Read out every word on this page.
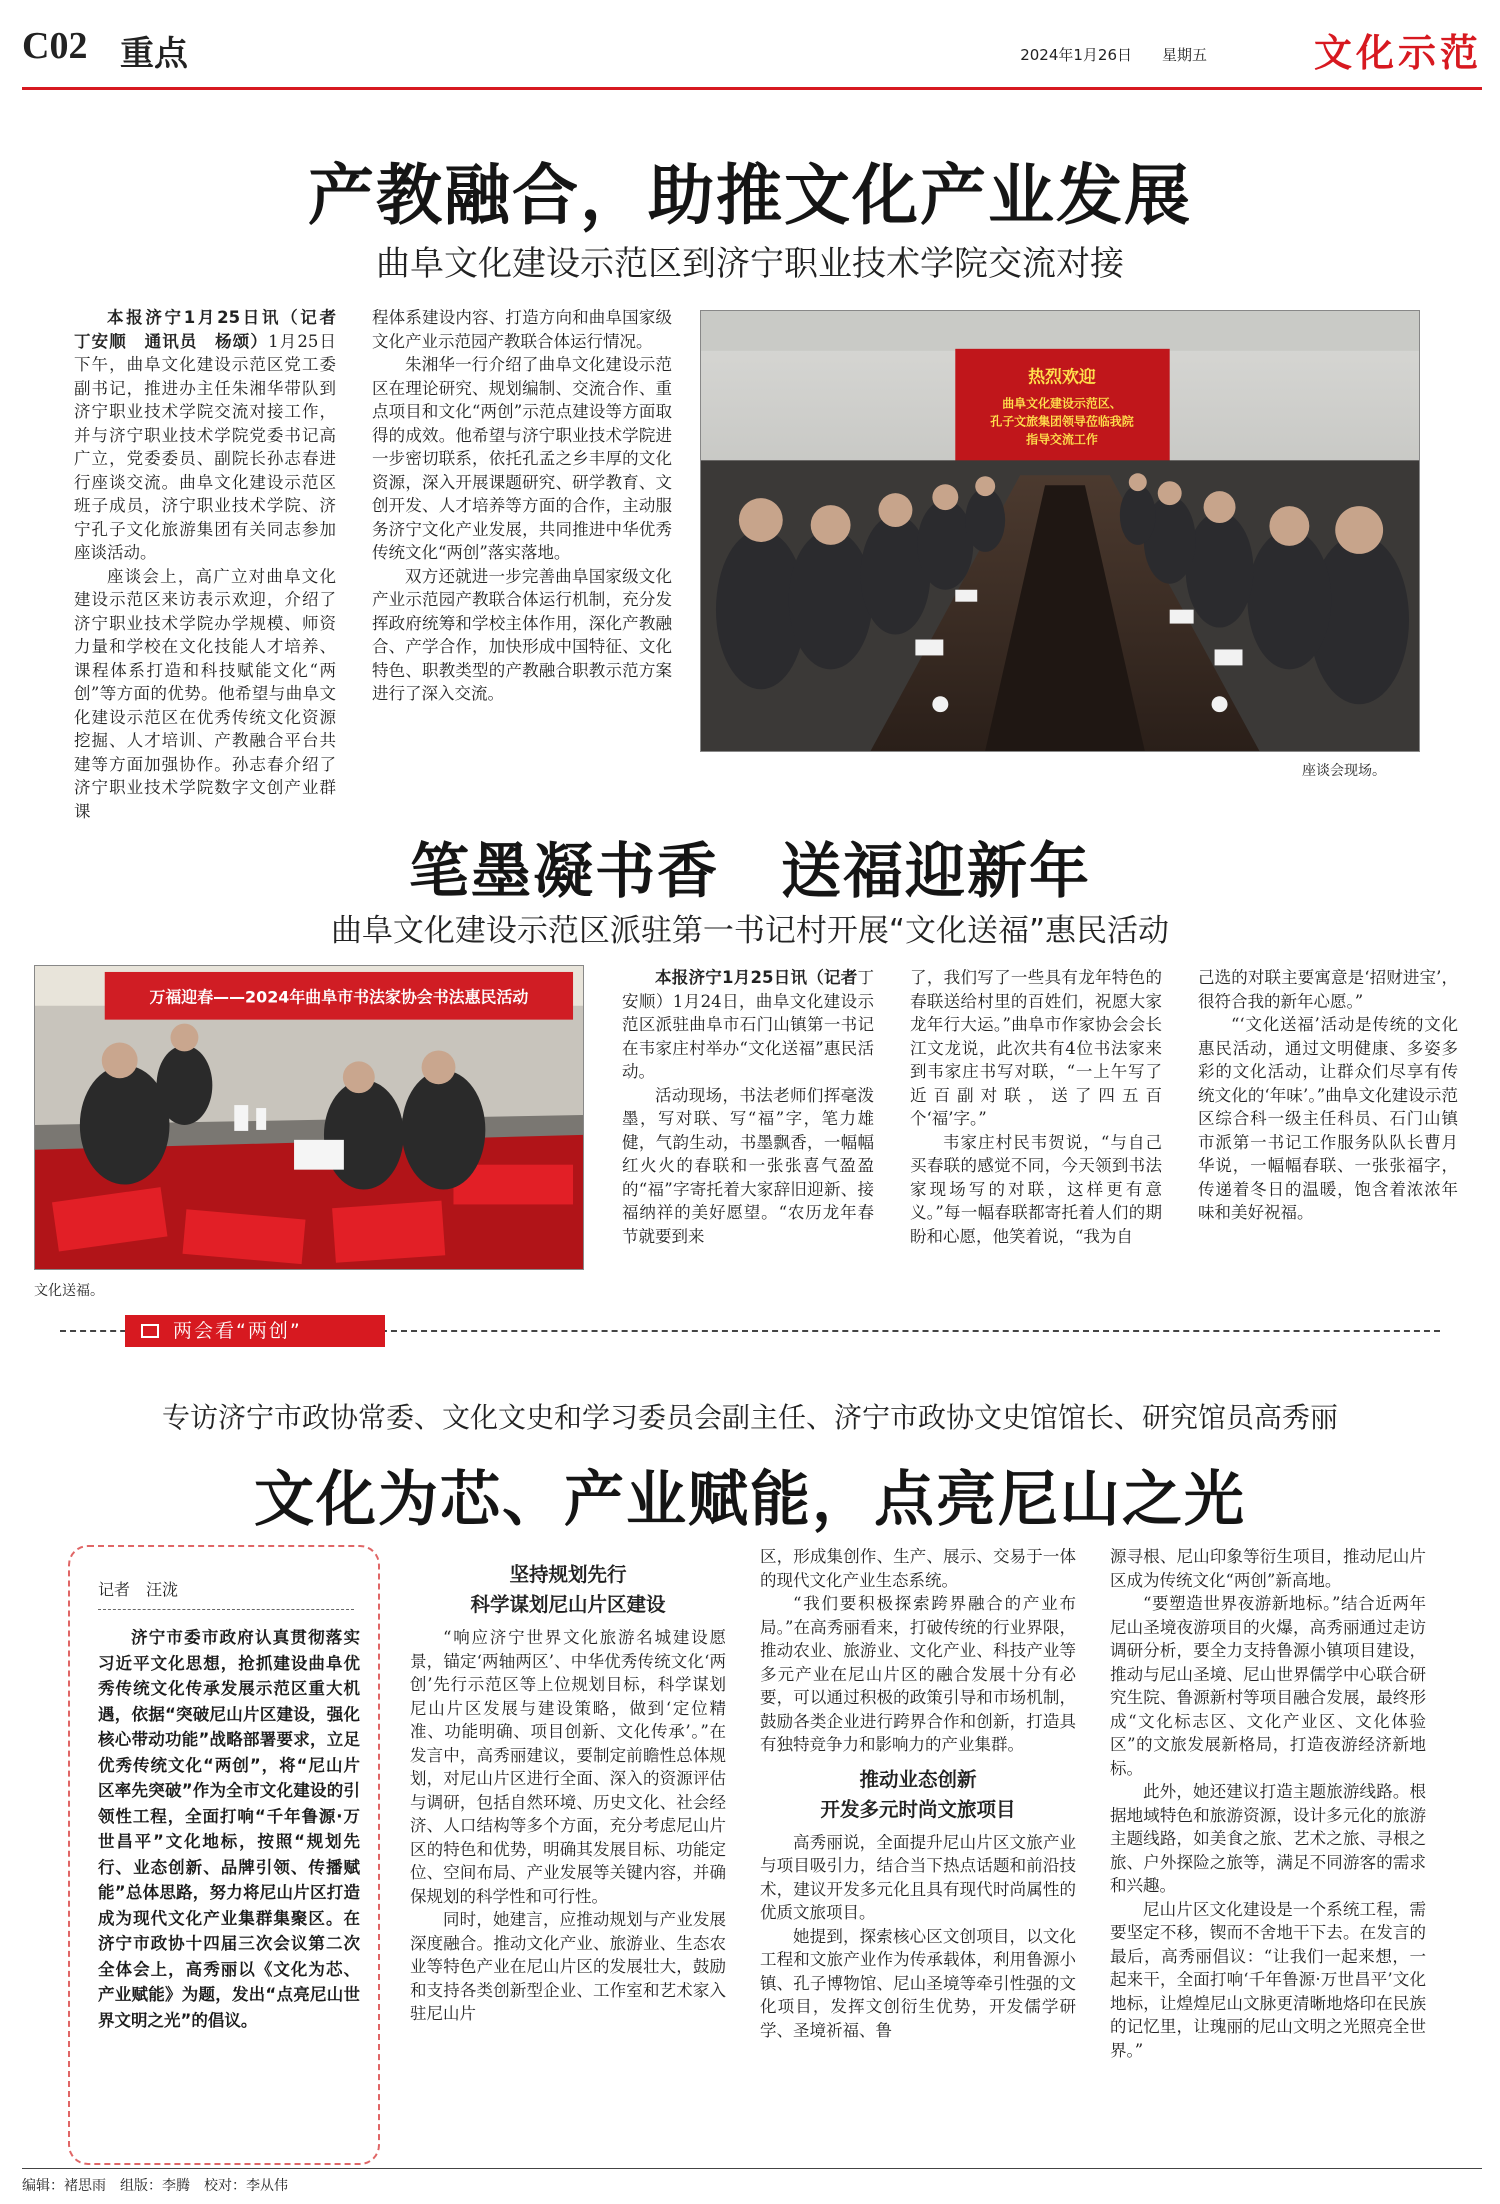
C02 重点	2024年1月26日 星期五	文化示范
产教融合，助推文化产业发展
曲阜文化建设示范区到济宁职业技术学院交流对接

本报济宁1月25日讯（记者　丁安顺　通讯员　杨颂）1月25日下午，曲阜文化建设示范区党工委副书记，推进办主任朱湘华带队到济宁职业技术学院交流对接工作，并与济宁职业技术学院党委书记高广立，党委委员、副院长孙志春进行座谈交流。曲阜文化建设示范区班子成员，济宁职业技术学院、济宁孔子文化旅游集团有关同志参加座谈活动。

座谈会上，高广立对曲阜文化建设示范区来访表示欢迎，介绍了济宁职业技术学院办学规模、师资力量和学校在文化技能人才培养、课程体系打造和科技赋能文化“两创”等方面的优势。他希望与曲阜文化建设示范区在优秀传统文化资源挖掘、人才培训、产教融合平台共建等方面加强协作。孙志春介绍了济宁职业技术学院数字文创产业群课

程体系建设内容、打造方向和曲阜国家级文化产业示范园产教联合体运行情况。

朱湘华一行介绍了曲阜文化建设示范区在理论研究、规划编制、交流合作、重点项目和文化“两创”示范点建设等方面取得的成效。他希望与济宁职业技术学院进一步密切联系，依托孔孟之乡丰厚的文化资源，深入开展课题研究、研学教育、文创开发、人才培养等方面的合作，主动服务济宁文化产业发展，共同推进中华优秀传统文化“两创”落实落地。

双方还就进一步完善曲阜国家级文化产业示范园产教联合体运行机制，充分发挥政府统筹和学校主体作用，深化产教融合、产学合作，加快形成中国特征、文化特色、职教类型的产教融合职教示范方案进行了深入交流。

热烈欢迎
曲阜文化建设示范区、
孔子文旅集团领导莅临我院
指导交流工作
座谈会现场。
笔墨凝书香　送福迎新年
曲阜文化建设示范区派驻第一书记村开展“文化送福”惠民活动
万福迎春——2024年曲阜市书法家协会书法惠民活动
文化送福。

本报济宁1月25日讯（记者丁安顺）1月24日，曲阜文化建设示范区派驻曲阜市石门山镇第一书记在韦家庄村举办“文化送福”惠民活动。

活动现场，书法老师们挥毫泼墨，写对联、写“福”字，笔力雄健，气韵生动，书墨飘香，一幅幅红火火的春联和一张张喜气盈盈的“福”字寄托着大家辞旧迎新、接福纳祥的美好愿望。“农历龙年春节就要到来

了，我们写了一些具有龙年特色的春联送给村里的百姓们，祝愿大家龙年行大运。”曲阜市作家协会会长江文龙说，此次共有4位书法家来到韦家庄书写对联，“一上午写了近百副对联，送了四五百个‘福’字。”

韦家庄村民韦贺说，“与自己买春联的感觉不同，今天领到书法家现场写的对联，这样更有意义。”每一幅春联都寄托着人们的期盼和心愿，他笑着说，“我为自

己选的对联主要寓意是‘招财进宝’，很符合我的新年心愿。”

“‘文化送福’活动是传统的文化惠民活动，通过文明健康、多姿多彩的文化活动，让群众们尽享有传统文化的‘年味’。”曲阜文化建设示范区综合科一级主任科员、石门山镇市派第一书记工作服务队队长曹月华说，一幅幅春联、一张张福字，传递着冬日的温暖，饱含着浓浓年味和美好祝福。

两会看“两创”
专访济宁市政协常委、文化文史和学习委员会副主任、济宁市政协文史馆馆长、研究馆员高秀丽
文化为芯、产业赋能，点亮尼山之光
记者　汪泷
济宁市委市政府认真贯彻落实习近平文化思想，抢抓建设曲阜优秀传统文化传承发展示范区重大机遇，依据“突破尼山片区建设，强化核心带动功能”战略部署要求，立足优秀传统文化“两创”，将“尼山片区率先突破”作为全市文化建设的引领性工程，全面打响“千年鲁源·万世昌平”文化地标，按照“规划先行、业态创新、品牌引领、传播赋能”总体思路，努力将尼山片区打造成为现代文化产业集群集聚区。在济宁市政协十四届三次会议第二次全体会上，高秀丽以《文化为芯、产业赋能》为题，发出“点亮尼山世界文明之光”的倡议。
坚持规划先行
科学谋划尼山片区建设

“响应济宁世界文化旅游名城建设愿景，锚定‘两轴两区’、中华优秀传统文化‘两创’先行示范区等上位规划目标，科学谋划尼山片区发展与建设策略，做到‘定位精准、功能明确、项目创新、文化传承’。”在发言中，高秀丽建议，要制定前瞻性总体规划，对尼山片区进行全面、深入的资源评估与调研，包括自然环境、历史文化、社会经济、人口结构等多个方面，充分考虑尼山片区的特色和优势，明确其发展目标、功能定位、空间布局、产业发展等关键内容，并确保规划的科学性和可行性。

同时，她建言，应推动规划与产业发展深度融合。推动文化产业、旅游业、生态农业等特色产业在尼山片区的发展壮大，鼓励和支持各类创新型企业、工作室和艺术家入驻尼山片

区，形成集创作、生产、展示、交易于一体的现代文化产业生态系统。

“我们要积极探索跨界融合的产业布局。”在高秀丽看来，打破传统的行业界限，推动农业、旅游业、文化产业、科技产业等多元产业在尼山片区的融合发展十分有必要，可以通过积极的政策引导和市场机制，鼓励各类企业进行跨界合作和创新，打造具有独特竞争力和影响力的产业集群。

推动业态创新
开发多元时尚文旅项目

高秀丽说，全面提升尼山片区文旅产业与项目吸引力，结合当下热点话题和前沿技术，建议开发多元化且具有现代时尚属性的优质文旅项目。

她提到，探索核心区文创项目，以文化工程和文旅产业作为传承载体，利用鲁源小镇、孔子博物馆、尼山圣境等牵引性强的文化项目，发挥文创衍生优势，开发儒学研学、圣境祈福、鲁

源寻根、尼山印象等衍生项目，推动尼山片区成为传统文化“两创”新高地。

“要塑造世界夜游新地标。”结合近两年尼山圣境夜游项目的火爆，高秀丽通过走访调研分析，要全力支持鲁源小镇项目建设，推动与尼山圣境、尼山世界儒学中心联合研究生院、鲁源新村等项目融合发展，最终形成“文化标志区、文化产业区、文化体验区”的文旅发展新格局，打造夜游经济新地标。

此外，她还建议打造主题旅游线路。根据地域特色和旅游资源，设计多元化的旅游主题线路，如美食之旅、艺术之旅、寻根之旅、户外探险之旅等，满足不同游客的需求和兴趣。

尼山片区文化建设是一个系统工程，需要坚定不移，锲而不舍地干下去。在发言的最后，高秀丽倡议：“让我们一起来想，一起来干，全面打响‘千年鲁源·万世昌平’文化地标，让煌煌尼山文脉更清晰地烙印在民族的记忆里，让瑰丽的尼山文明之光照亮全世界。”

编辑：褚思雨　组版：李腾　校对：李从伟
